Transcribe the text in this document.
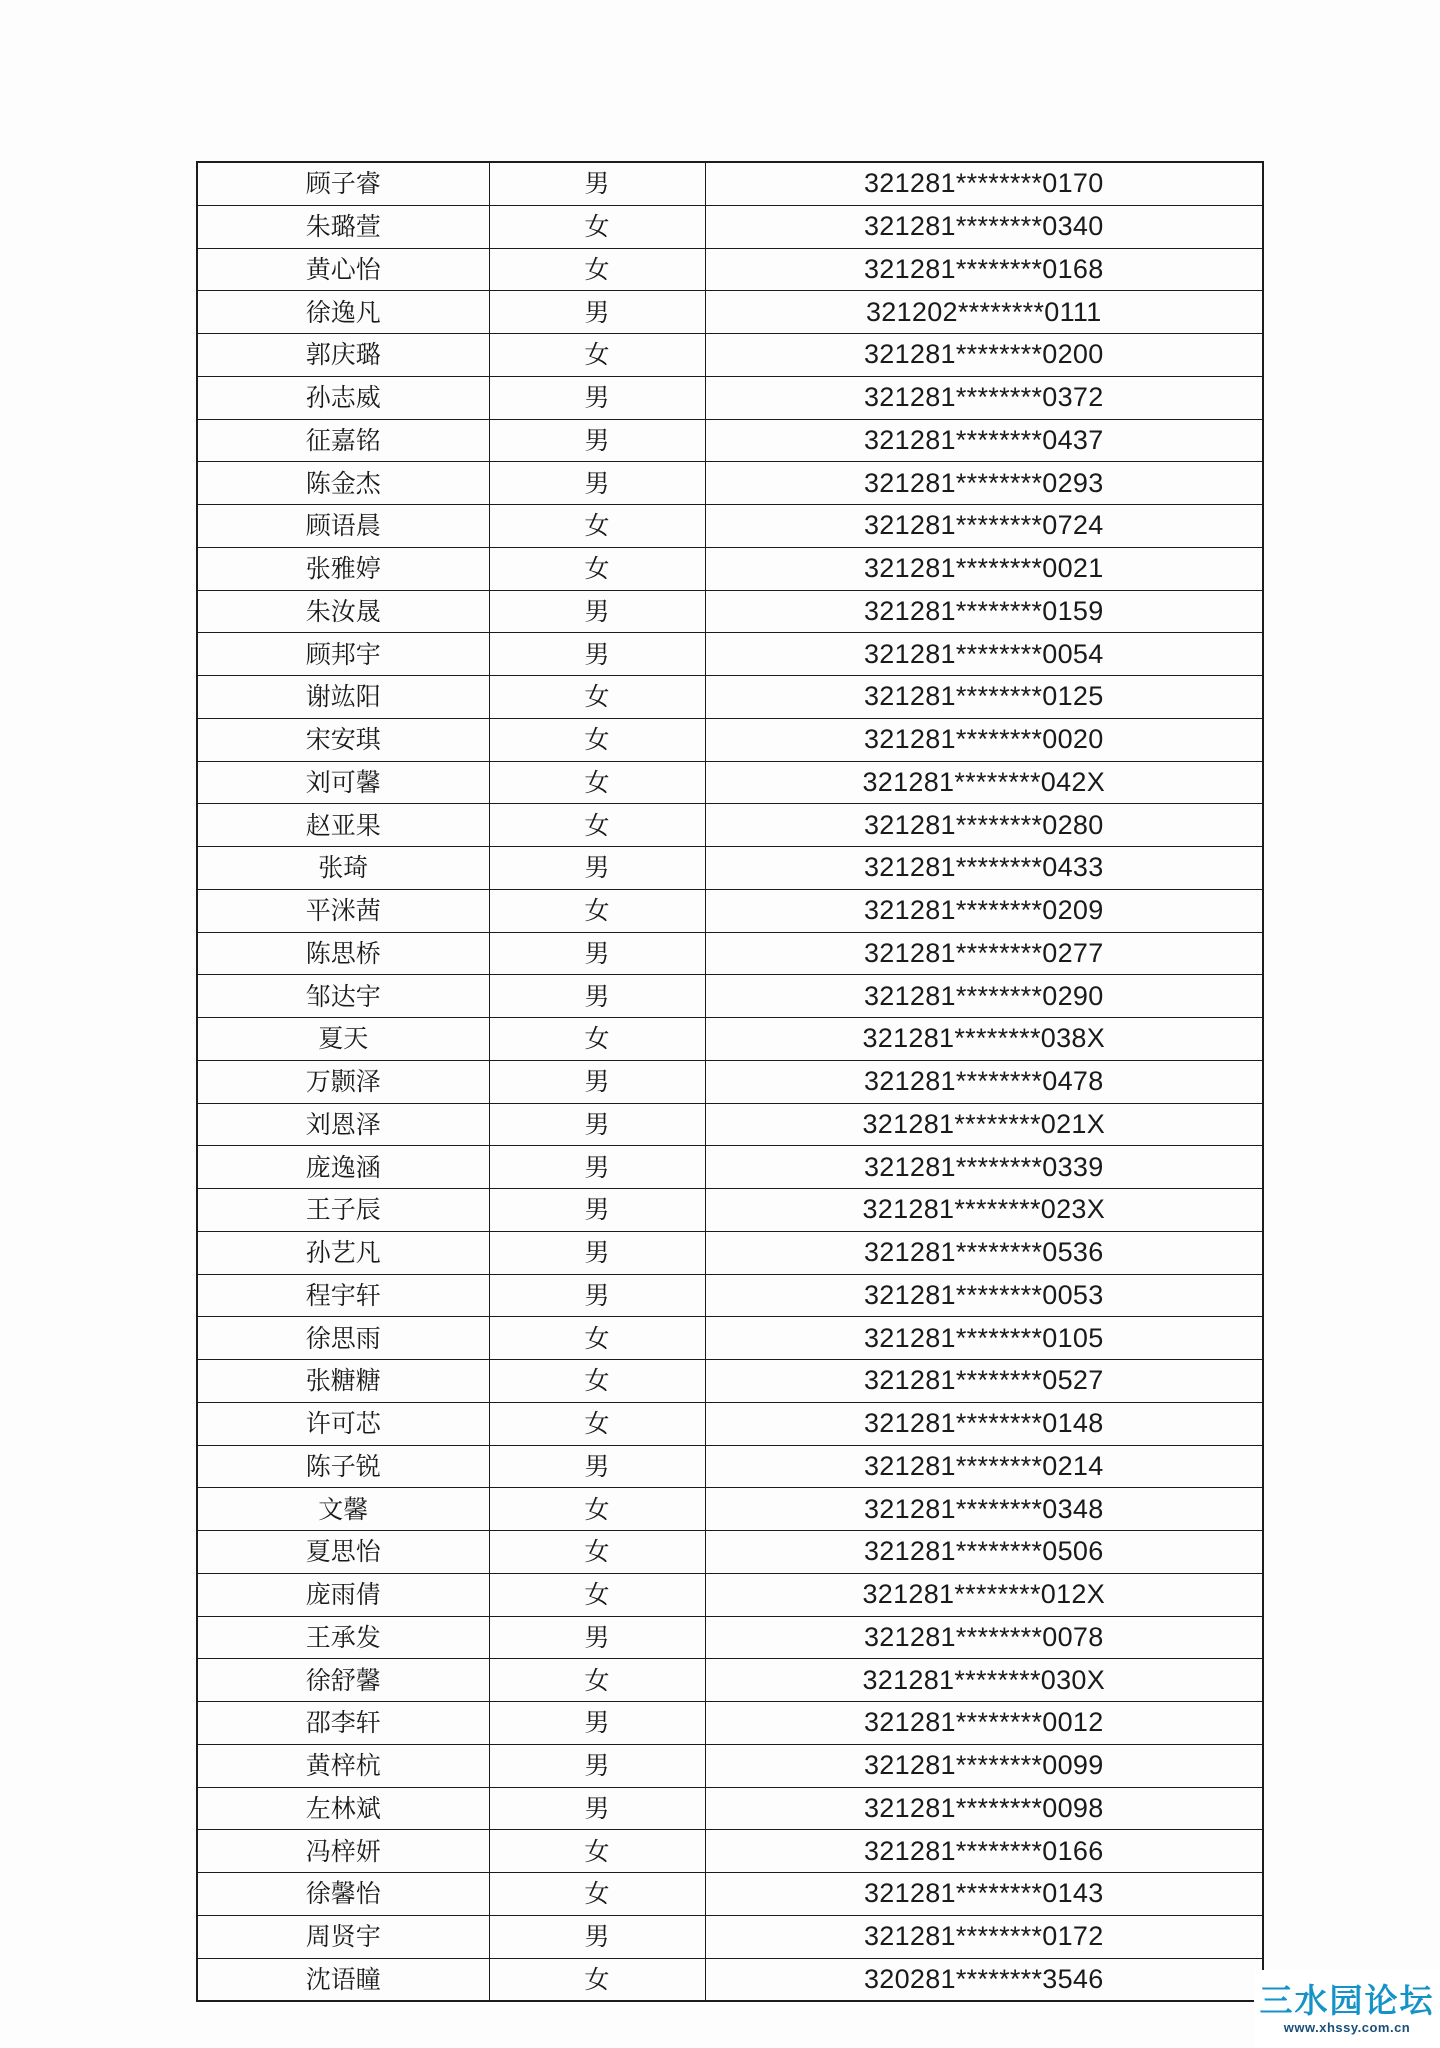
顾子睿	男	321281********0170
朱璐萱	女	321281********0340
黄心怡	女	321281********0168
徐逸凡	男	321202********0111
郭庆璐	女	321281********0200
孙志威	男	321281********0372
征嘉铭	男	321281********0437
陈金杰	男	321281********0293
顾语晨	女	321281********0724
张雅婷	女	321281********0021
朱汝晟	男	321281********0159
顾邦宇	男	321281********0054
谢竑阳	女	321281********0125
宋安琪	女	321281********0020
刘可馨	女	321281********042X
赵亚果	女	321281********0280
张琦	男	321281********0433
平洣茜	女	321281********0209
陈思桥	男	321281********0277
邹达宇	男	321281********0290
夏天	女	321281********038X
万颢泽	男	321281********0478
刘恩泽	男	321281********021X
庞逸涵	男	321281********0339
王子辰	男	321281********023X
孙艺凡	男	321281********0536
程宇轩	男	321281********0053
徐思雨	女	321281********0105
张糖糖	女	321281********0527
许可芯	女	321281********0148
陈子锐	男	321281********0214
文馨	女	321281********0348
夏思怡	女	321281********0506
庞雨倩	女	321281********012X
王承发	男	321281********0078
徐舒馨	女	321281********030X
邵李轩	男	321281********0012
黄梓杭	男	321281********0099
左林斌	男	321281********0098
冯梓妍	女	321281********0166
徐馨怡	女	321281********0143
周贤宇	男	321281********0172
沈语瞳	女	320281********3546
三水园论坛
www.xhssy.com.cn
